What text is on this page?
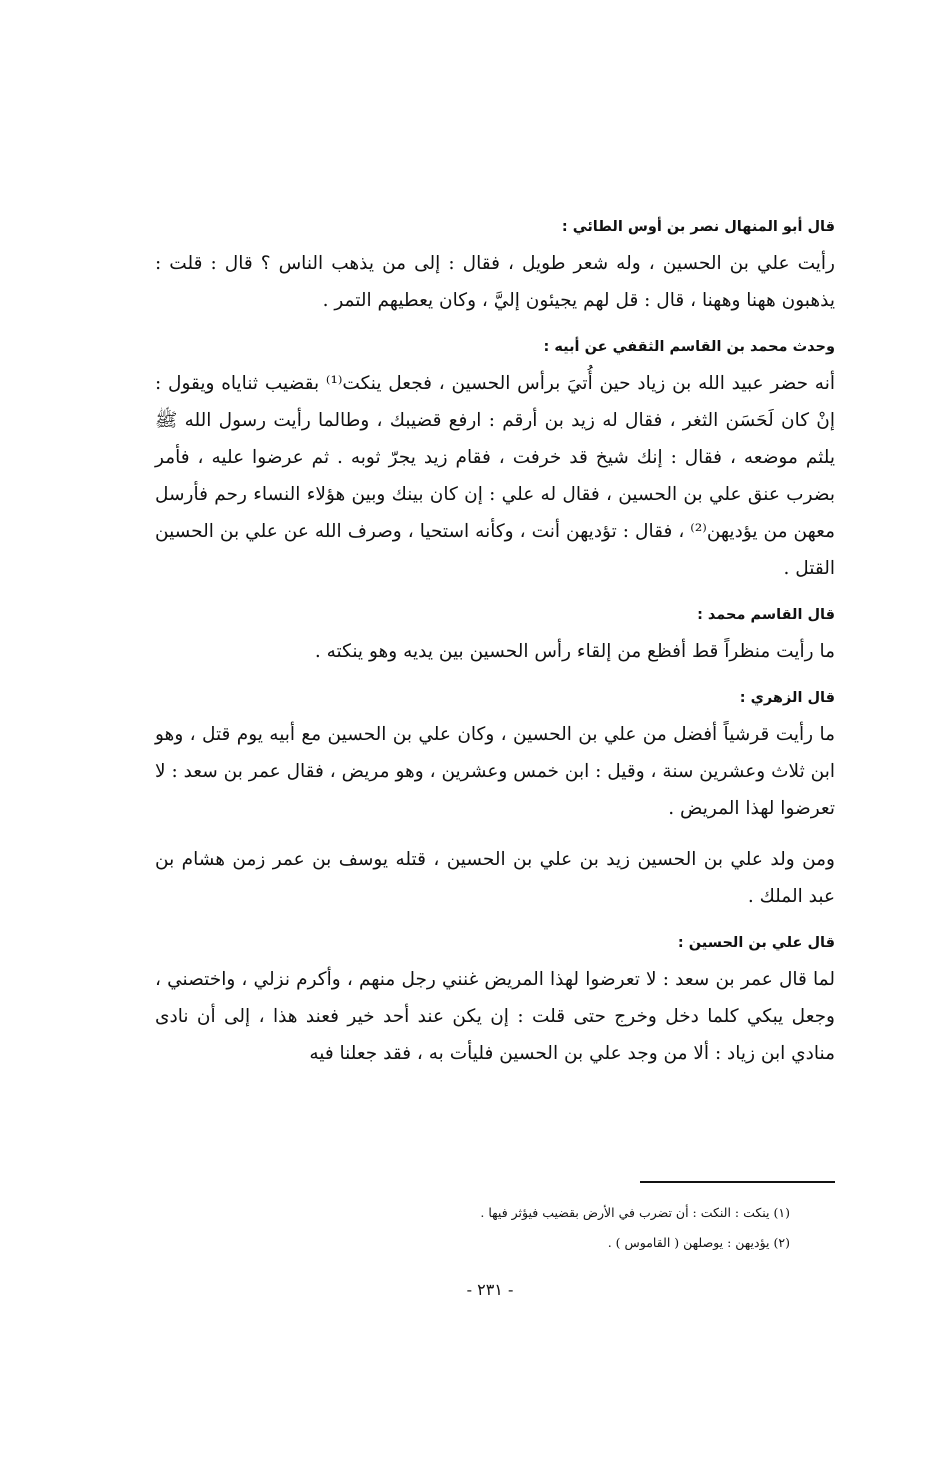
قال أبو المنهال نصر بن أوس الطائي :

رأيت علي بن الحسين ، وله شعر طويل ، فقال : إلى من يذهب الناس ؟ قال : قلت : يذهبون ههنا وههنا ، قال : قل لهم يجيئون إليَّ ، وكان يعطيهم التمر .

وحدث محمد بن القاسم الثقفي عن أبيه :

أنه حضر عبيد الله بن زياد حين أُتيَ برأس الحسين ، فجعل ينكت⁽¹⁾ بقضيب ثناياه ويقول : إنْ كان لَحَسَن الثغر ، فقال له زيد بن أرقم : ارفع قضيبك ، وطالما رأيت رسول الله ﷺ يلثم موضعه ، فقال : إنك شيخ قد خرفت ، فقام زيد يجرّ ثوبه . ثم عرضوا عليه ، فأمر بضرب عنق علي بن الحسين ، فقال له علي : إن كان بينك وبين هؤلاء النساء رحم فأرسل معهن من يؤديهن⁽²⁾ ، فقال : تؤديهن أنت ، وكأنه استحيا ، وصرف الله عن علي بن الحسين القتل .

قال القاسم محمد :

ما رأيت منظراً قط أفظع من إلقاء رأس الحسين بين يديه وهو ينكته .

قال الزهري :

ما رأيت قرشياً أفضل من علي بن الحسين ، وكان علي بن الحسين مع أبيه يوم قتل ، وهو ابن ثلاث وعشرين سنة ، وقيل : ابن خمس وعشرين ، وهو مريض ، فقال عمر بن سعد : لا تعرضوا لهذا المريض .

ومن ولد علي بن الحسين زيد بن علي بن الحسين ، قتله يوسف بن عمر زمن هشام بن عبد الملك .

قال علي بن الحسين :

لما قال عمر بن سعد : لا تعرضوا لهذا المريض غنني رجل منهم ، وأكرم نزلي ، واختصني ، وجعل يبكي كلما دخل وخرج حتى قلت : إن يكن عند أحد خير فعند هذا ، إلى أن نادى منادي ابن زياد : ألا من وجد علي بن الحسين فليأت به ، فقد جعلنا فيه

(١) ينكت : النكت : أن تضرب في الأرض بقضيب فيؤثر فيها .
(٢) يؤديهن : يوصلهن ( القاموس ) .
- ٢٣١ -
